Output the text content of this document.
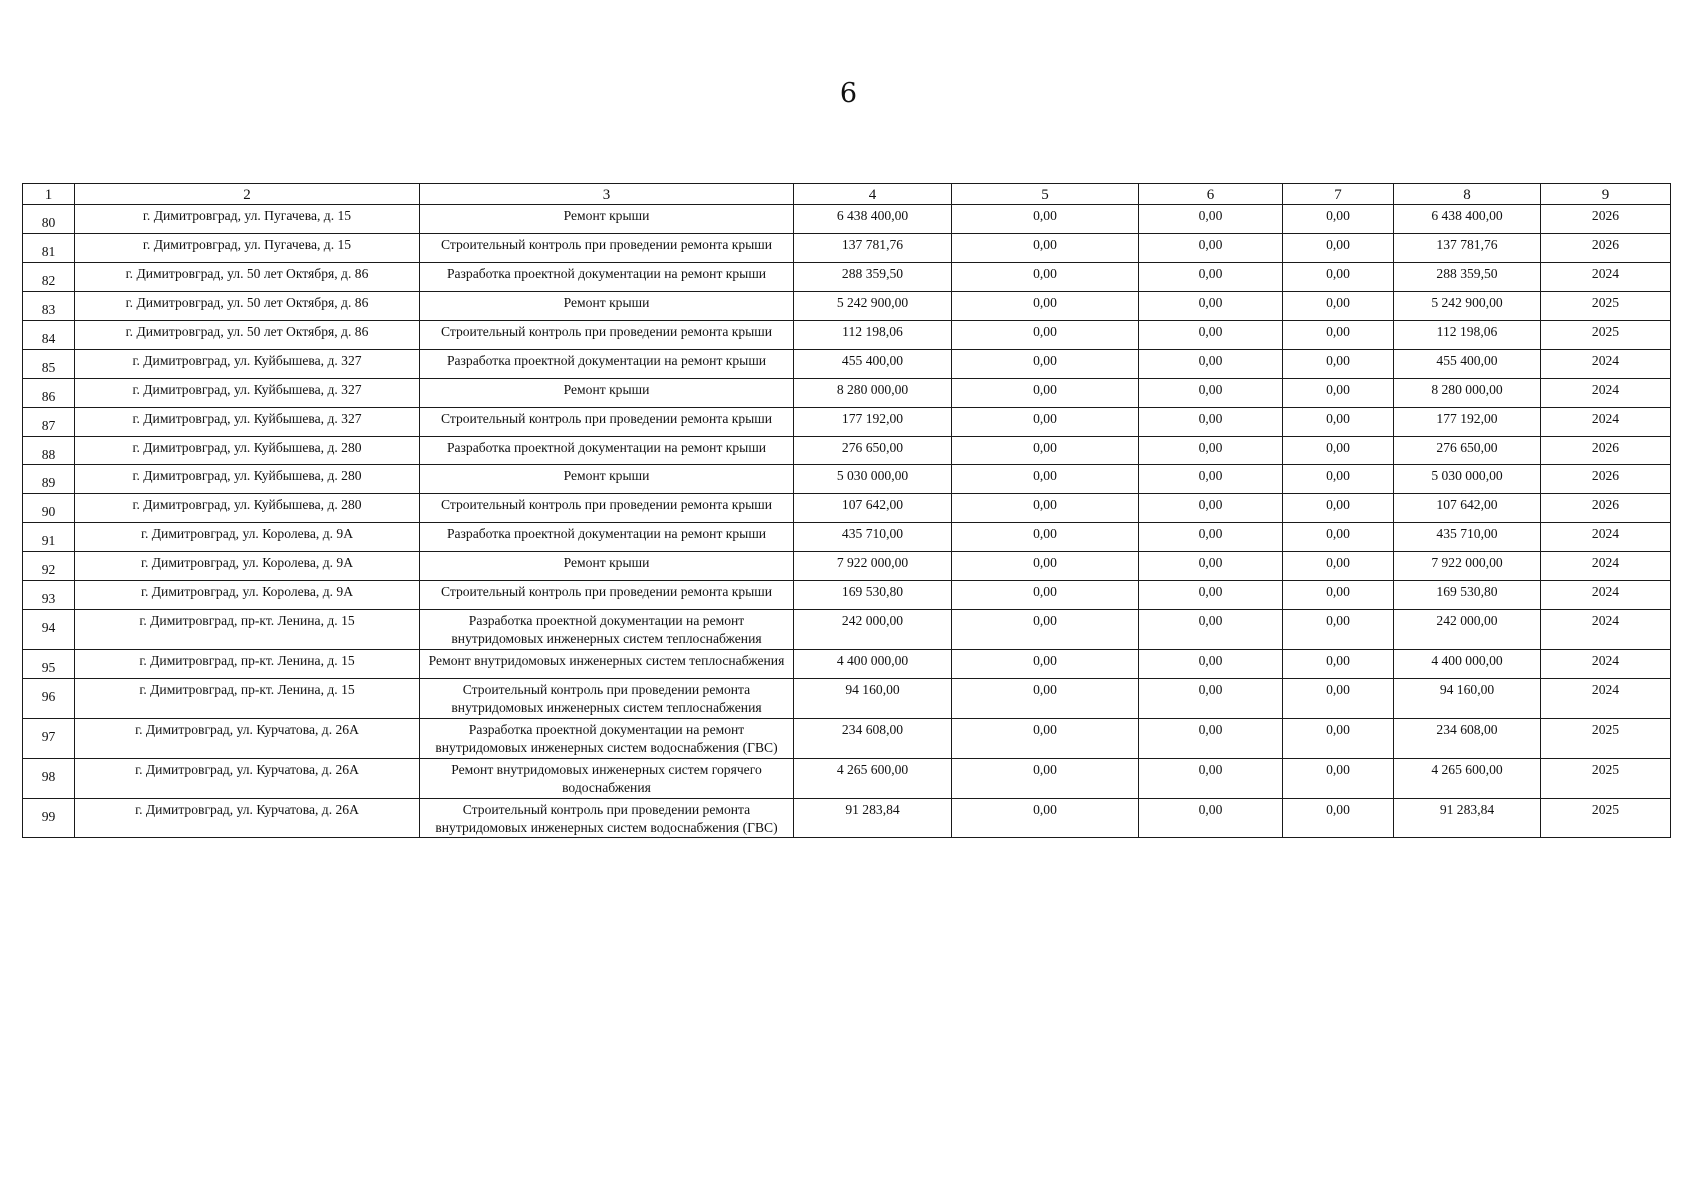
6
1	2	3	4	5	6	7	8	9
80	г. Димитровград, ул. Пугачева, д. 15	Ремонт крыши	6 438 400,00	0,00	0,00	0,00	6 438 400,00	2026
81	г. Димитровград, ул. Пугачева, д. 15	Строительный контроль при проведении ремонта крыши	137 781,76	0,00	0,00	0,00	137 781,76	2026
82	г. Димитровград, ул. 50 лет Октября, д. 86	Разработка проектной документации на ремонт крыши	288 359,50	0,00	0,00	0,00	288 359,50	2024
83	г. Димитровград, ул. 50 лет Октября, д. 86	Ремонт крыши	5 242 900,00	0,00	0,00	0,00	5 242 900,00	2025
84	г. Димитровград, ул. 50 лет Октября, д. 86	Строительный контроль при проведении ремонта крыши	112 198,06	0,00	0,00	0,00	112 198,06	2025
85	г. Димитровград, ул. Куйбышева, д. 327	Разработка проектной документации на ремонт крыши	455 400,00	0,00	0,00	0,00	455 400,00	2024
86	г. Димитровград, ул. Куйбышева, д. 327	Ремонт крыши	8 280 000,00	0,00	0,00	0,00	8 280 000,00	2024
87	г. Димитровград, ул. Куйбышева, д. 327	Строительный контроль при проведении ремонта крыши	177 192,00	0,00	0,00	0,00	177 192,00	2024
88	г. Димитровград, ул. Куйбышева, д. 280	Разработка проектной документации на ремонт крыши	276 650,00	0,00	0,00	0,00	276 650,00	2026
89	г. Димитровград, ул. Куйбышева, д. 280	Ремонт крыши	5 030 000,00	0,00	0,00	0,00	5 030 000,00	2026
90	г. Димитровград, ул. Куйбышева, д. 280	Строительный контроль при проведении ремонта крыши	107 642,00	0,00	0,00	0,00	107 642,00	2026
91	г. Димитровград, ул. Королева, д. 9А	Разработка проектной документации на ремонт крыши	435 710,00	0,00	0,00	0,00	435 710,00	2024
92	г. Димитровград, ул. Королева, д. 9А	Ремонт крыши	7 922 000,00	0,00	0,00	0,00	7 922 000,00	2024
93	г. Димитровград, ул. Королева, д. 9А	Строительный контроль при проведении ремонта крыши	169 530,80	0,00	0,00	0,00	169 530,80	2024
94	г. Димитровград, пр-кт. Ленина, д. 15	Разработка проектной документации на ремонт внутридомовых инженерных систем теплоснабжения	242 000,00	0,00	0,00	0,00	242 000,00	2024
95	г. Димитровград, пр-кт. Ленина, д. 15	Ремонт внутридомовых инженерных систем теплоснабжения	4 400 000,00	0,00	0,00	0,00	4 400 000,00	2024
96	г. Димитровград, пр-кт. Ленина, д. 15	Строительный контроль при проведении ремонта внутридомовых инженерных систем теплоснабжения	94 160,00	0,00	0,00	0,00	94 160,00	2024
97	г. Димитровград, ул. Курчатова, д. 26А	Разработка проектной документации на ремонт внутридомовых инженерных систем водоснабжения (ГВС)	234 608,00	0,00	0,00	0,00	234 608,00	2025
98	г. Димитровград, ул. Курчатова, д. 26А	Ремонт внутридомовых инженерных систем горячего водоснабжения	4 265 600,00	0,00	0,00	0,00	4 265 600,00	2025
99	г. Димитровград, ул. Курчатова, д. 26А	Строительный контроль при проведении ремонта внутридомовых инженерных систем водоснабжения (ГВС)	91 283,84	0,00	0,00	0,00	91 283,84	2025
